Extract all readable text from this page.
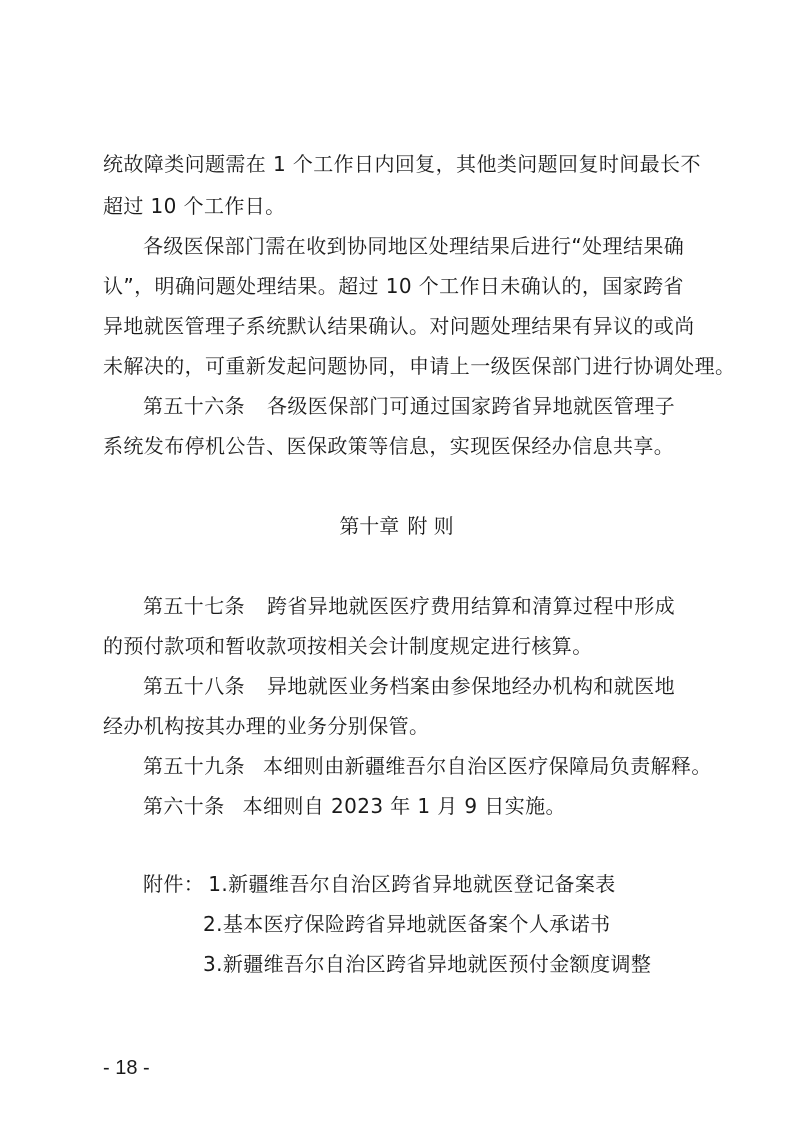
统故障类问题需在 1 个工作日内回复，其他类问题回复时间最长不
超过 10 个工作日。
各级医保部门需在收到协同地区处理结果后进行“处理结果确
认”，明确问题处理结果。超过 10 个工作日未确认的，国家跨省
异地就医管理子系统默认结果确认。对问题处理结果有异议的或尚
未解决的，可重新发起问题协同，申请上一级医保部门进行协调处理。
第五十六条 各级医保部门可通过国家跨省异地就医管理子
系统发布停机公告、医保政策等信息，实现医保经办信息共享。
第十章 附 则
第五十七条 跨省异地就医医疗费用结算和清算过程中形成
的预付款项和暂收款项按相关会计制度规定进行核算。
第五十八条 异地就医业务档案由参保地经办机构和就医地
经办机构按其办理的业务分别保管。
第五十九条 本细则由新疆维吾尔自治区医疗保障局负责解释。
第六十条 本细则自 2023 年 1 月 9 日实施。
附件： 1.新疆维吾尔自治区跨省异地就医登记备案表
2.基本医疗保险跨省异地就医备案个人承诺书
3.新疆维吾尔自治区跨省异地就医预付金额度调整
- 18 -
